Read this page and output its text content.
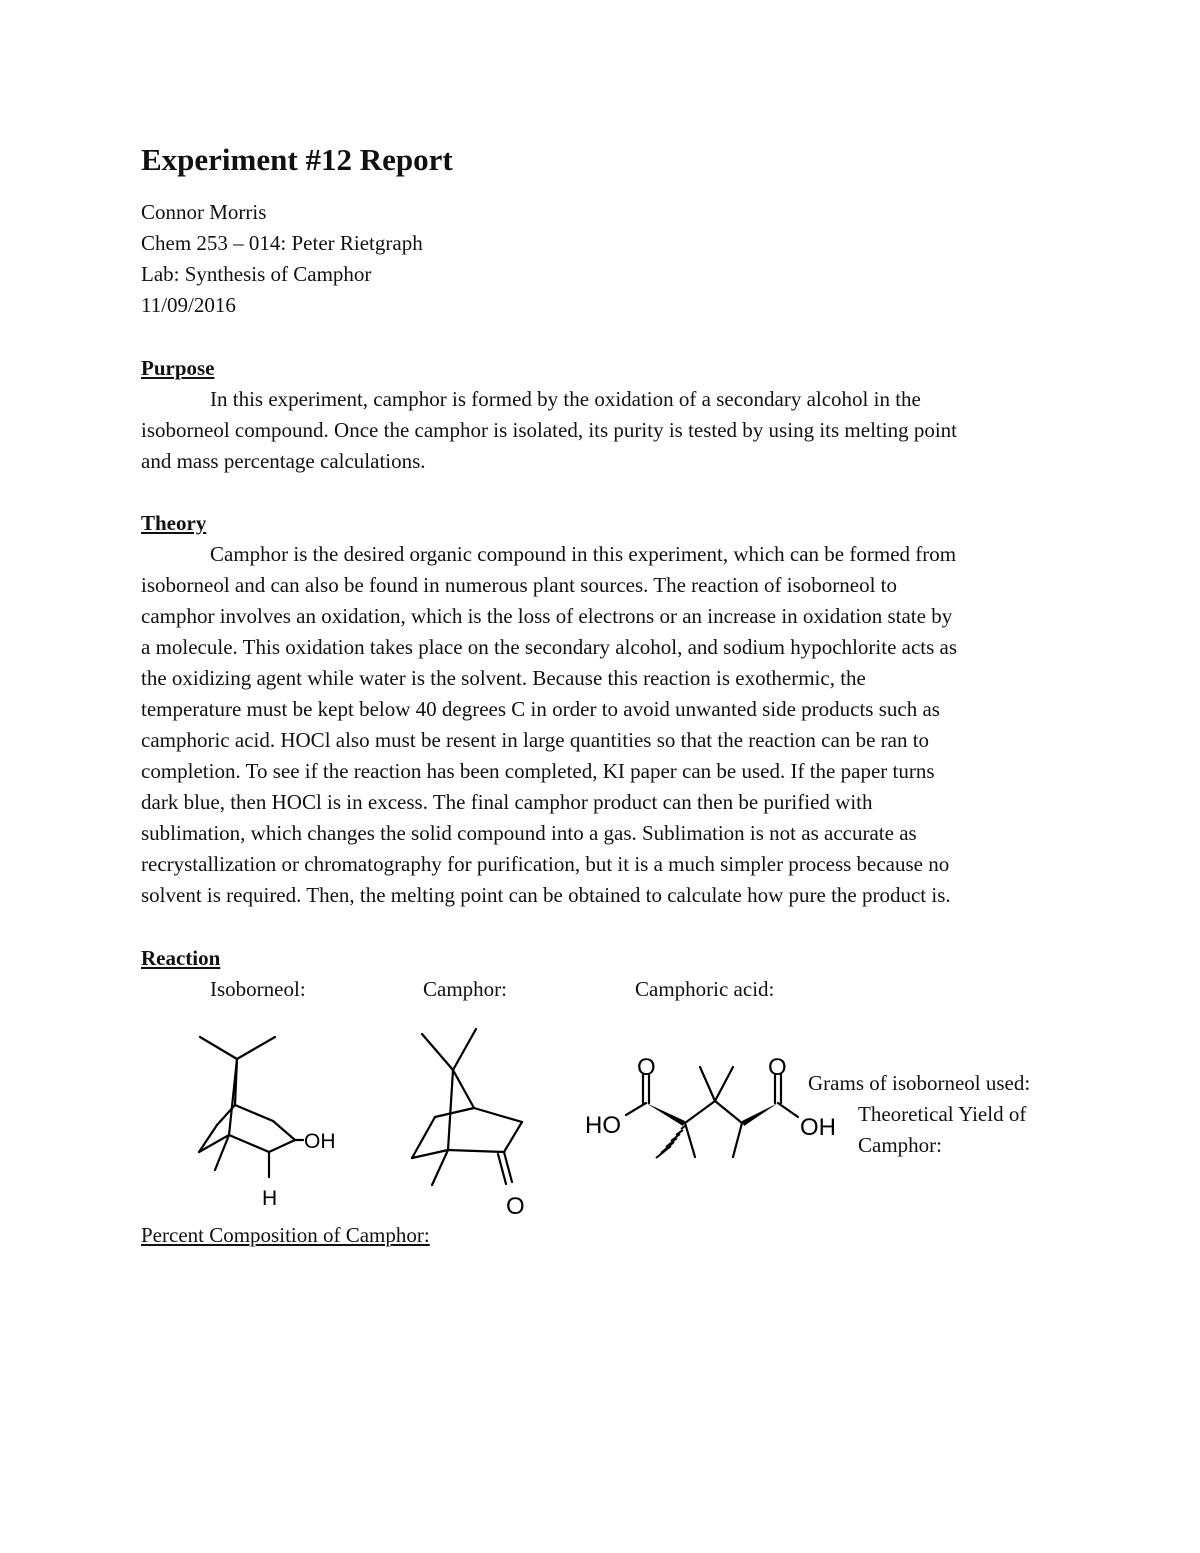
Experiment #12 Report
Connor Morris
Chem 253 – 014: Peter Rietgraph
Lab: Synthesis of Camphor
11/09/2016
Purpose

In this experiment, camphor is formed by the oxidation of a secondary alcohol in the
isoborneol compound. Once the camphor is isolated, its purity is tested by using its melting point
and mass percentage calculations.

Theory

Camphor is the desired organic compound in this experiment, which can be formed from
isoborneol and can also be found in numerous plant sources. The reaction of isoborneol to
camphor involves an oxidation, which is the loss of electrons or an increase in oxidation state by
a molecule. This oxidation takes place on the secondary alcohol, and sodium hypochlorite acts as
the oxidizing agent while water is the solvent. Because this reaction is exothermic, the
temperature must be kept below 40 degrees C in order to avoid unwanted side products such as
camphoric acid. HOCl also must be resent in large quantities so that the reaction can be ran to
completion. To see if the reaction has been completed, KI paper can be used. If the paper turns
dark blue, then HOCl is in excess. The final camphor product can then be purified with
sublimation, which changes the solid compound into a gas. Sublimation is not as accurate as
recrystallization or chromatography for purification, but it is a much simpler process because no
solvent is required. Then, the melting point can be obtained to calculate how pure the product is.

Reaction
Isoborneol:	Camphor:	Camphoric acid:
OH
H	O
O	O
HO	OH
Grams of isoborneol used:
Theoretical Yield of
Camphor:
Percent Composition of Camphor:
